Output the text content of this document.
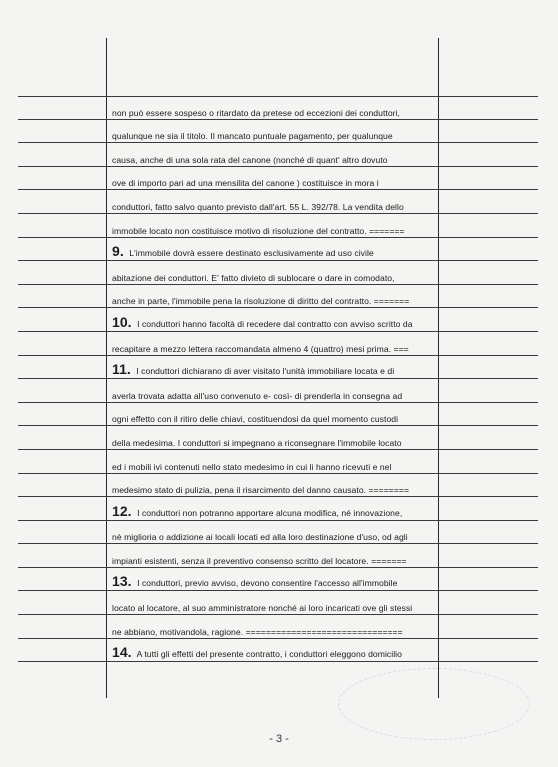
non può essere sospeso o ritardato da pretese od eccezioni dei conduttori,
qualunque ne sia il titolo. Il mancato puntuale pagamento, per qualunque
causa, anche di una sola rata del canone (nonché di quant' altro dovuto
ove di importo pari ad una mensilita del canone ) costituisce in mora i
conduttori, fatto salvo quanto previsto dall'art. 55 L. 392/78. La vendita dello
immobile locato non costituisce motivo di risoluzione del contratto. =======
9. L'immobile dovrà essere destinato esclusivamente ad uso civile
abitazione dei conduttori. E' fatto divieto di sublocare o dare in comodato,
anche in parte, l'immobile pena la risoluzione di diritto del contratto. =======
10. I conduttori hanno facoltà di recedere dal contratto con avviso scritto da
recapitare a mezzo lettera raccomandata almeno 4 (quattro) mesi prima. ===
11. I conduttori dichiarano di aver visitato l'unità immobiliare locata e di
averla trovata adatta all'uso convenuto e- così- di prenderla in consegna ad
ogni effetto con il ritiro delle chiavi, costituendosi da quel momento custodi
della medesima. I conduttori si impegnano a riconsegnare l'immobile locato
ed i mobili ivi contenuti nello stato medesimo in cui li hanno ricevuti e nel
medesimo stato di pulizia, pena il risarcimento del danno causato. ========
12. I conduttori non potranno apportare alcuna modifica, né innovazione,
nè miglioria o addizione ai locali locati ed alla loro destinazione d'uso, od agli
impianti esistenti, senza il preventivo consenso scritto del locatore. =======
13. I conduttori, previo avviso, devono consentire l'accesso all'immobile
locato al locatore, al suo amministratore nonché ai loro incaricati ove gli stessi
ne abbiano, motivandola, ragione. ===============================
14. A tutti gli effetti del presente contratto, i conduttori eleggono domicilio
- 3 -
